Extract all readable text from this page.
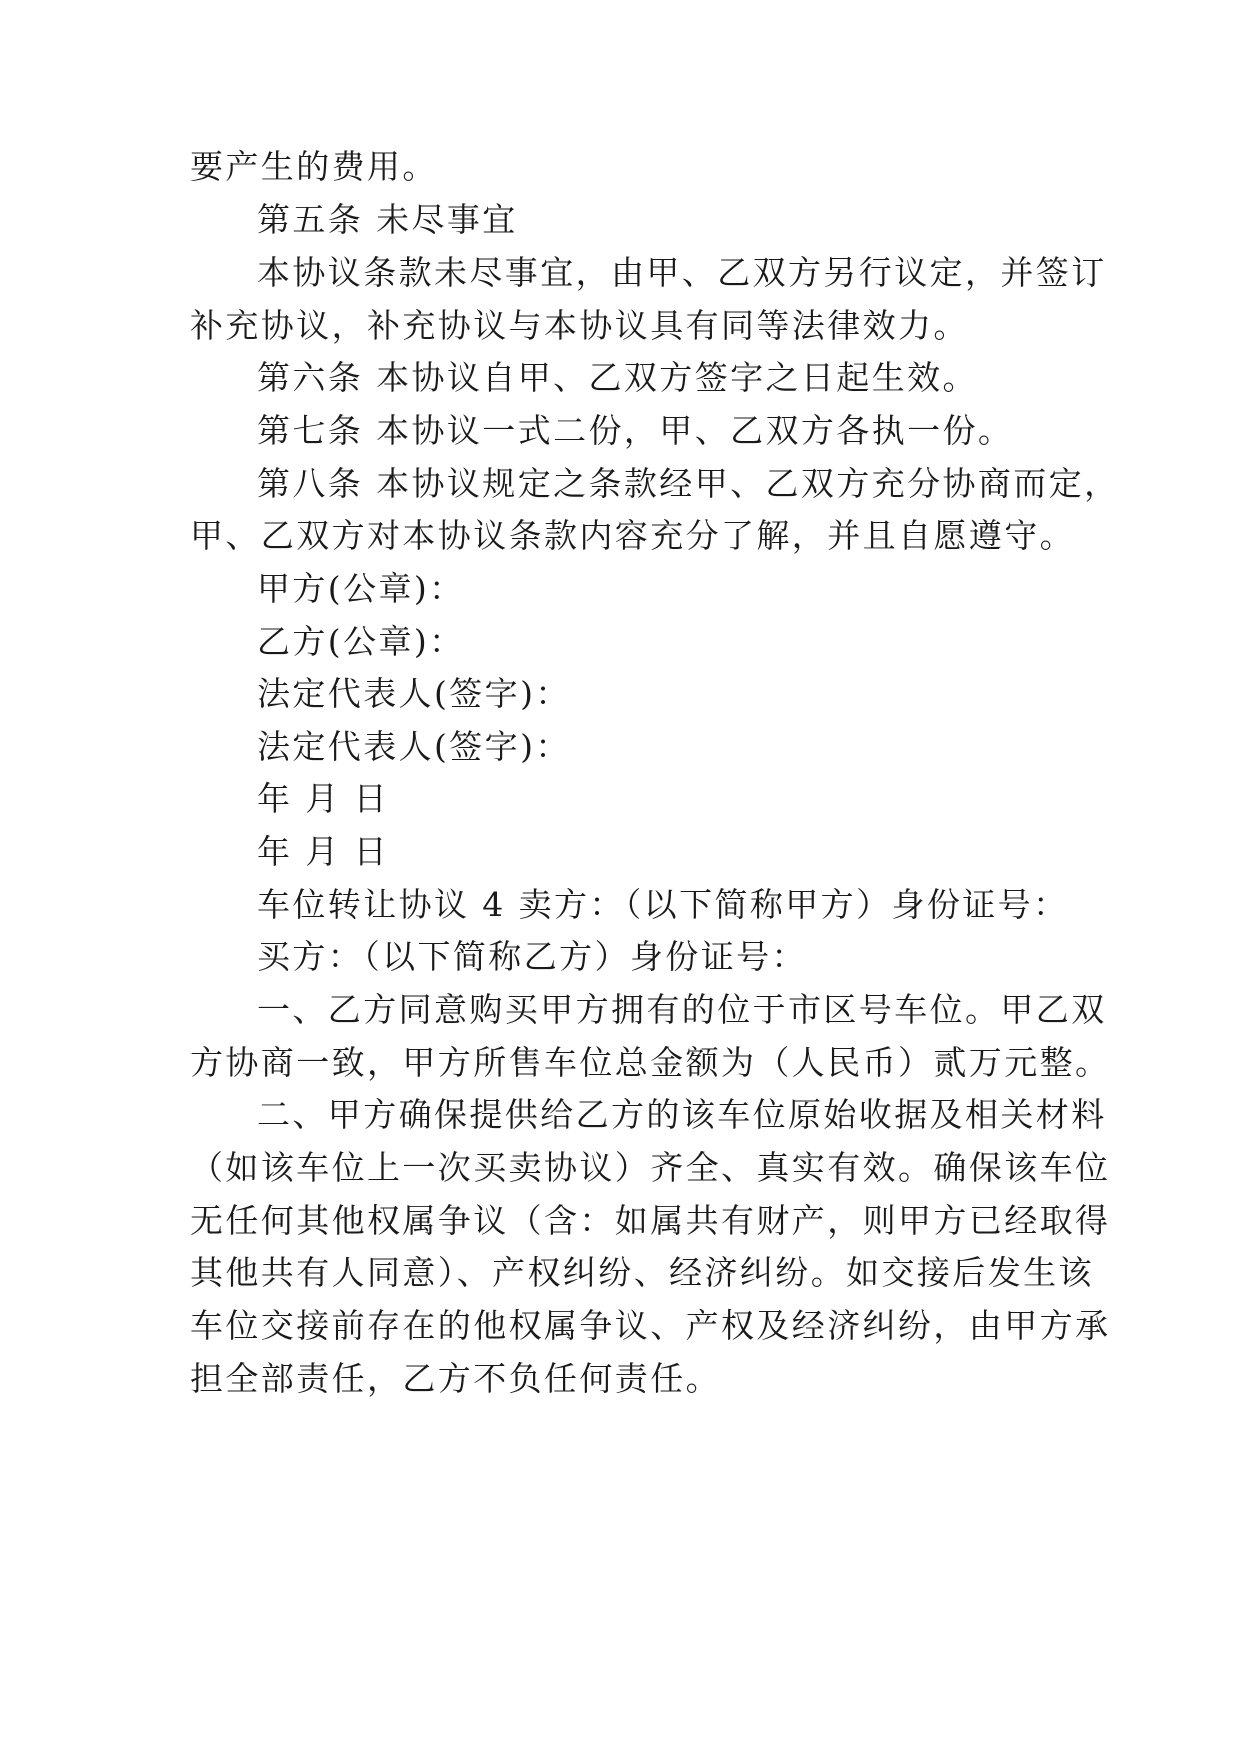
要产生的费用。
第五条 未尽事宜
本协议条款未尽事宜，由甲、乙双方另行议定，并签订
补充协议，补充协议与本协议具有同等法律效力。
第六条 本协议自甲、乙双方签字之日起生效。
第七条 本协议一式二份，甲、乙双方各执一份。
第八条 本协议规定之条款经甲、乙双方充分协商而定，
甲、乙双方对本协议条款内容充分了解，并且自愿遵守。
甲方(公章)：
乙方(公章)：
法定代表人(签字)：
法定代表人(签字)：
年 月 日
年 月 日
车位转让协议 4 卖方：（以下简称甲方）身份证号：
买方：（以下简称乙方）身份证号：
一、乙方同意购买甲方拥有的位于市区号车位。甲乙双
方协商一致，甲方所售车位总金额为（人民币）贰万元整。
二、甲方确保提供给乙方的该车位原始收据及相关材料
（如该车位上一次买卖协议）齐全、真实有效。确保该车位
无任何其他权属争议（含：如属共有财产，则甲方已经取得
其他共有人同意）、产权纠纷、经济纠纷。如交接后发生该
车位交接前存在的他权属争议、产权及经济纠纷，由甲方承
担全部责任，乙方不负任何责任。
